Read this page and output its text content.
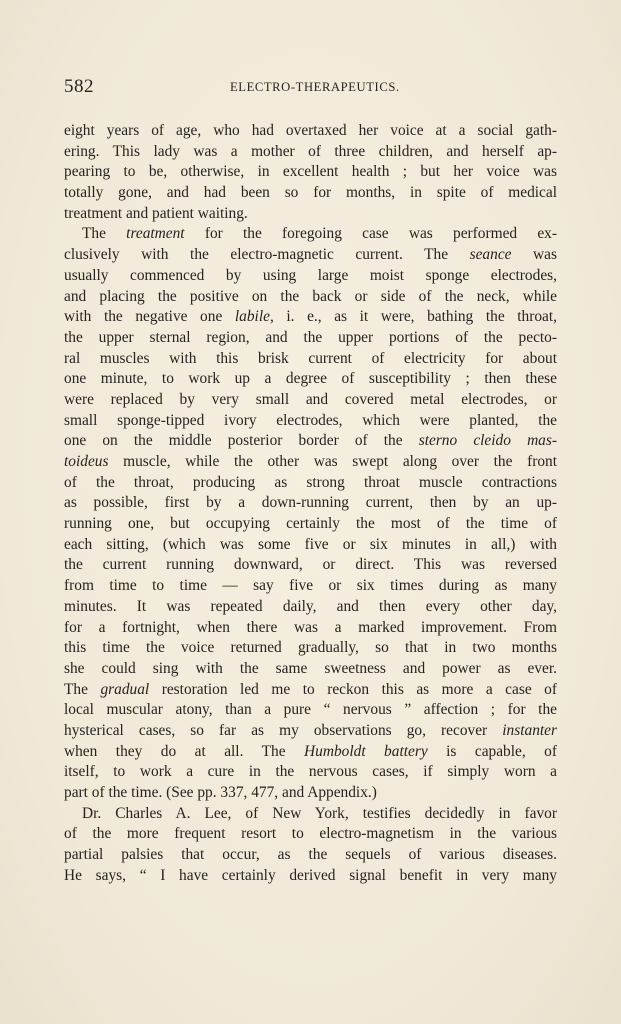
582	ELECTRO-THERAPEUTICS.
eight years of age, who had overtaxed her voice at a social gath-
ering. This lady was a mother of three children, and herself ap-
pearing to be, otherwise, in excellent health ; but her voice was
totally gone, and had been so for months, in spite of medical
treatment and patient waiting.
The treatment for the foregoing case was performed ex-
clusively with the electro-magnetic current. The seance was
usually commenced by using large moist sponge electrodes,
and placing the positive on the back or side of the neck, while
with the negative one labile, i. e., as it were, bathing the throat,
the upper sternal region, and the upper portions of the pecto-
ral muscles with this brisk current of electricity for about
one minute, to work up a degree of susceptibility ; then these
were replaced by very small and covered metal electrodes, or
small sponge-tipped ivory electrodes, which were planted, the
one on the middle posterior border of the sterno cleido mas-
toideus muscle, while the other was swept along over the front
of the throat, producing as strong throat muscle contractions
as possible, first by a down-running current, then by an up-
running one, but occupying certainly the most of the time of
each sitting, (which was some five or six minutes in all,) with
the current running downward, or direct. This was reversed
from time to time — say five or six times during as many
minutes. It was repeated daily, and then every other day,
for a fortnight, when there was a marked improvement. From
this time the voice returned gradually, so that in two months
she could sing with the same sweetness and power as ever.
The gradual restoration led me to reckon this as more a case of
local muscular atony, than a pure “ nervous ” affection ; for the
hysterical cases, so far as my observations go, recover instanter
when they do at all. The Humboldt battery is capable, of
itself, to work a cure in the nervous cases, if simply worn a
part of the time. (See pp. 337, 477, and Appendix.)
Dr. Charles A. Lee, of New York, testifies decidedly in favor
of the more frequent resort to electro-magnetism in the various
partial palsies that occur, as the sequels of various diseases.
He says, “ I have certainly derived signal benefit in very many
